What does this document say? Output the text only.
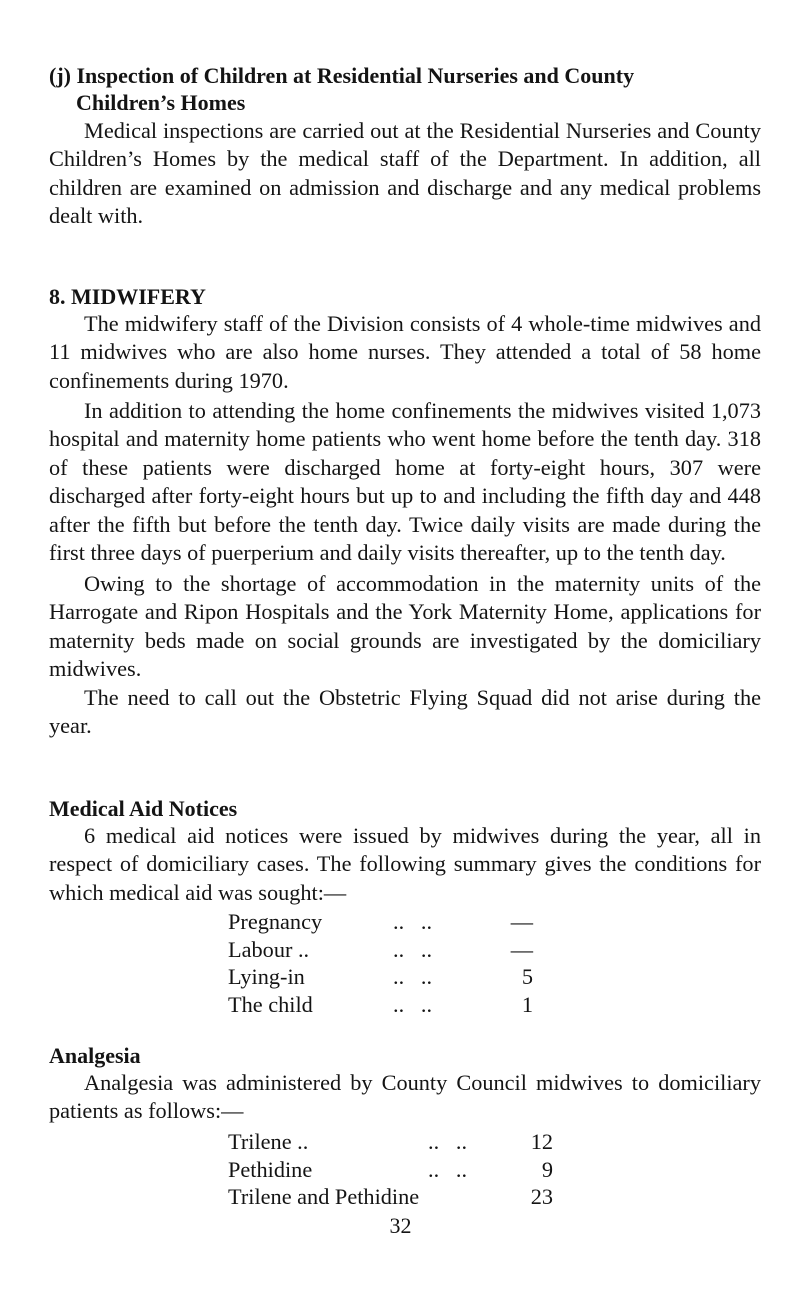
(j) Inspection of Children at Residential Nurseries and County
Children’s Homes

Medical inspections are carried out at the Residential Nurseries and County Children’s Homes by the medical staff of the Department. In addition, all children are examined on admission and discharge and any medical problems dealt with.

8. MIDWIFERY

The midwifery staff of the Division consists of 4 whole-time midwives and 11 midwives who are also home nurses. They attended a total of 58 home confinements during 1970.

In addition to attending the home confinements the midwives visited 1,073 hospital and maternity home patients who went home before the tenth day. 318 of these patients were discharged home at forty-eight hours, 307 were discharged after forty-eight hours but up to and including the fifth day and 448 after the fifth but before the tenth day. Twice daily visits are made during the first three days of puerperium and daily visits thereafter, up to the tenth day.

Owing to the shortage of accommodation in the maternity units of the Harrogate and Ripon Hospitals and the York Maternity Home, applications for maternity beds made on social grounds are investigated by the domiciliary midwives.

The need to call out the Obstetric Flying Squad did not arise during the year.

Medical Aid Notices

6 medical aid notices were issued by midwives during the year, all in respect of domiciliary cases. The following summary gives the conditions for which medical aid was sought:—

Pregnancy	..   ..	—
Labour ..	..   ..	—
Lying-in	..   ..	5
The child	..   ..	1
Analgesia

Analgesia was administered by County Council midwives to domiciliary patients as follows:—

Trilene ..	..   ..	12
Pethidine	..   ..	9
Trilene and Pethidine	23
32
